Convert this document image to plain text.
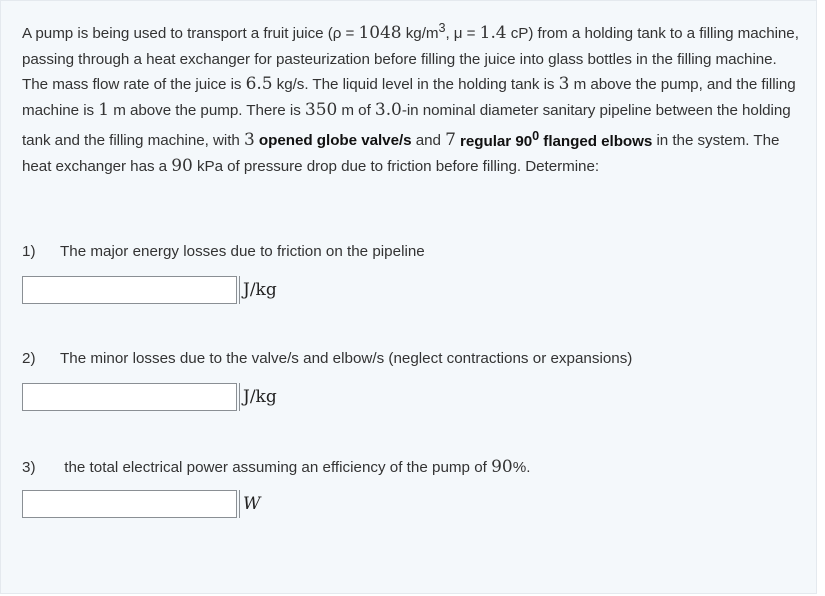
A pump is being used to transport a fruit juice (ρ = 1048 $kg/m^3$, μ = 1.4 cP) from a holding tank to a filling machine, passing through a heat exchanger for pasteurization before filling the juice into glass bottles in the filling machine. The mass flow rate of the juice is 6.5 kg/s. The liquid level in the holding tank is 3 m above the pump, and the filling machine is 1 m above the pump. There is 350 m of 3.0-in nominal diameter sanitary pipeline between the holding tank and the filling machine, with 3 opened globe valve/s and 7 regular $90^0$ flanged elbows in the system. The heat exchanger has a 90 kPa of pressure drop due to friction before filling. Determine:
1) The major energy losses due to friction on the pipeline
J/kg
2) The minor losses due to the valve/s and elbow/s (neglect contractions or expansions)
J/kg
3) the total electrical power assuming an efficiency of the pump of 90%.
W
